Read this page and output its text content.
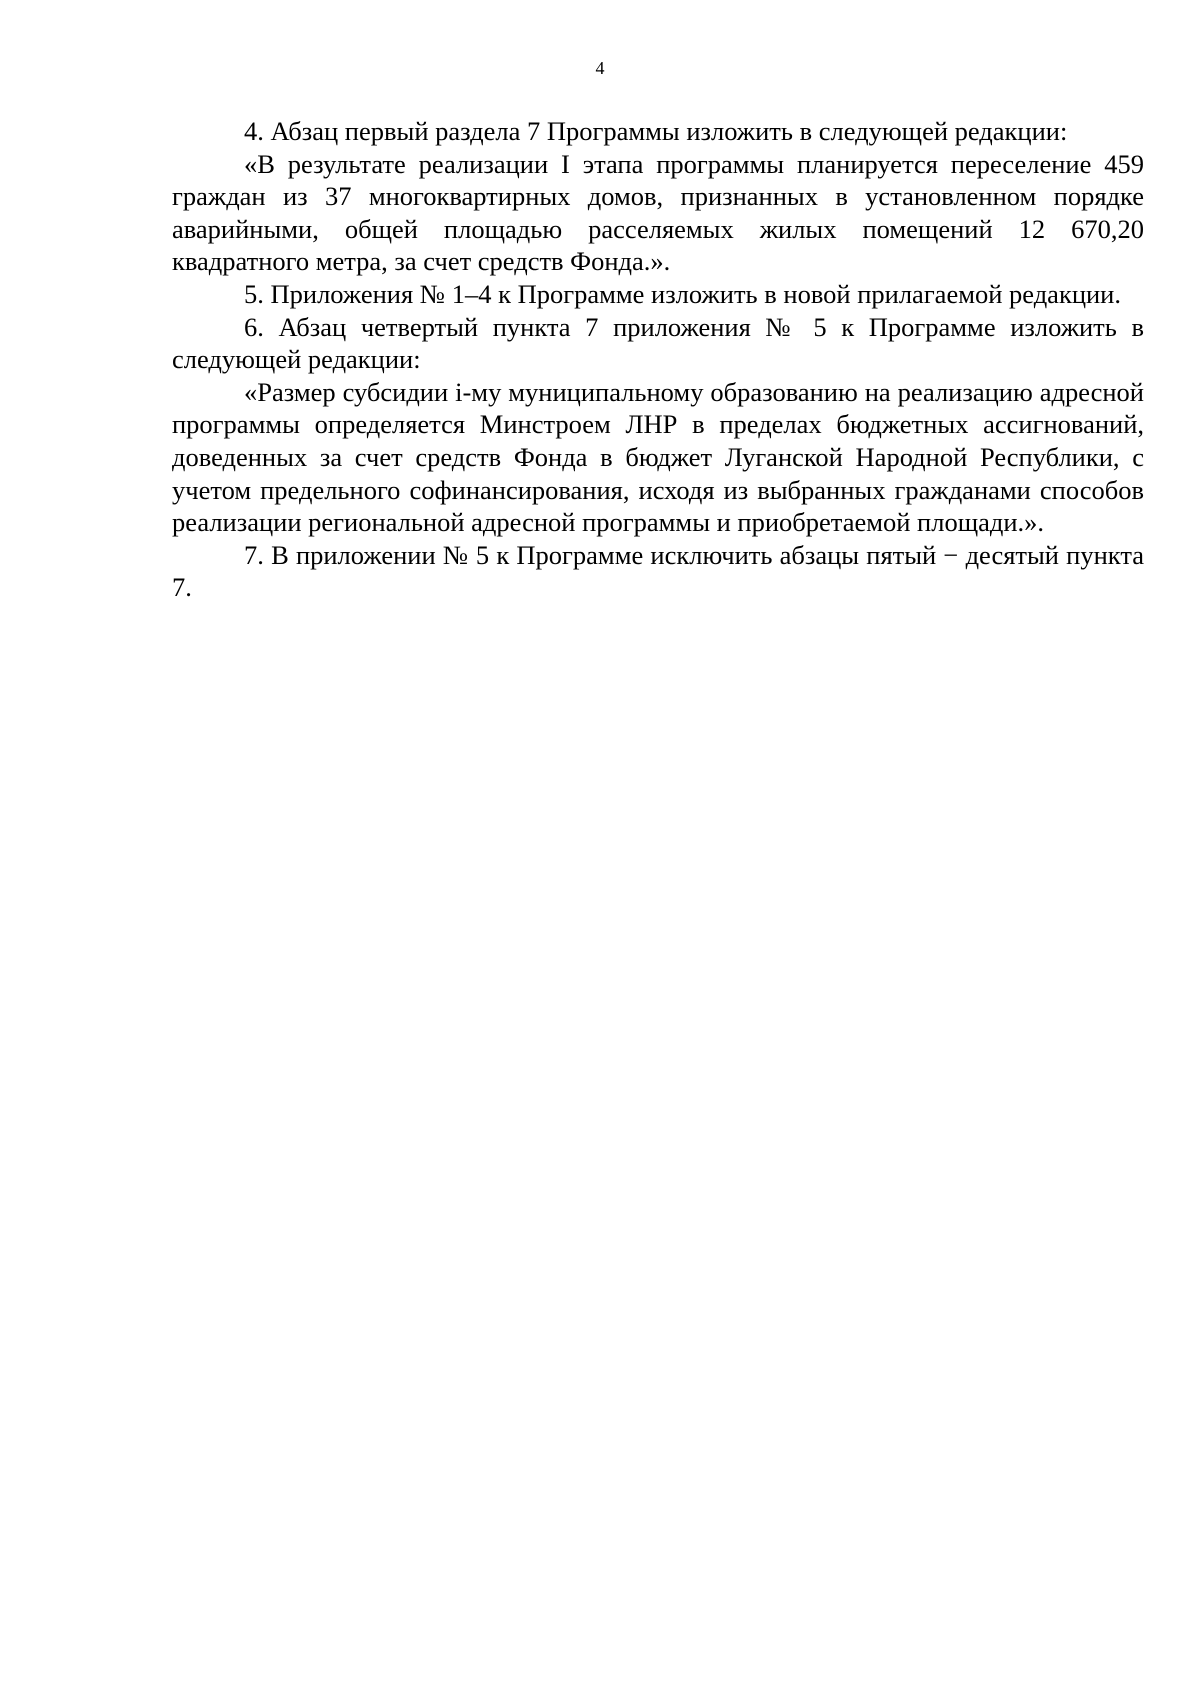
4

4. Абзац первый раздела 7 Программы изложить в следующей редакции:

«В результате реализации I этапа программы планируется переселение 459 граждан из 37 многоквартирных домов, признанных в установленном порядке аварийными, общей площадью расселяемых жилых помещений 12 670,20 квадратного метра, за счет средств Фонда.».

5. Приложения № 1–4 к Программе изложить в новой прилагаемой редакции.

6. Абзац четвертый пункта 7 приложения № 5 к Программе изложить в следующей редакции:

«Размер субсидии i-му муниципальному образованию на реализацию адресной программы определяется Минстроем ЛНР в пределах бюджетных ассигнований, доведенных за счет средств Фонда в бюджет Луганской Народной Республики, с учетом предельного софинансирования, исходя из выбранных гражданами способов реализации региональной адресной программы и приобретаемой площади.».

7. В приложении № 5 к Программе исключить абзацы пятый − десятый пункта 7.
